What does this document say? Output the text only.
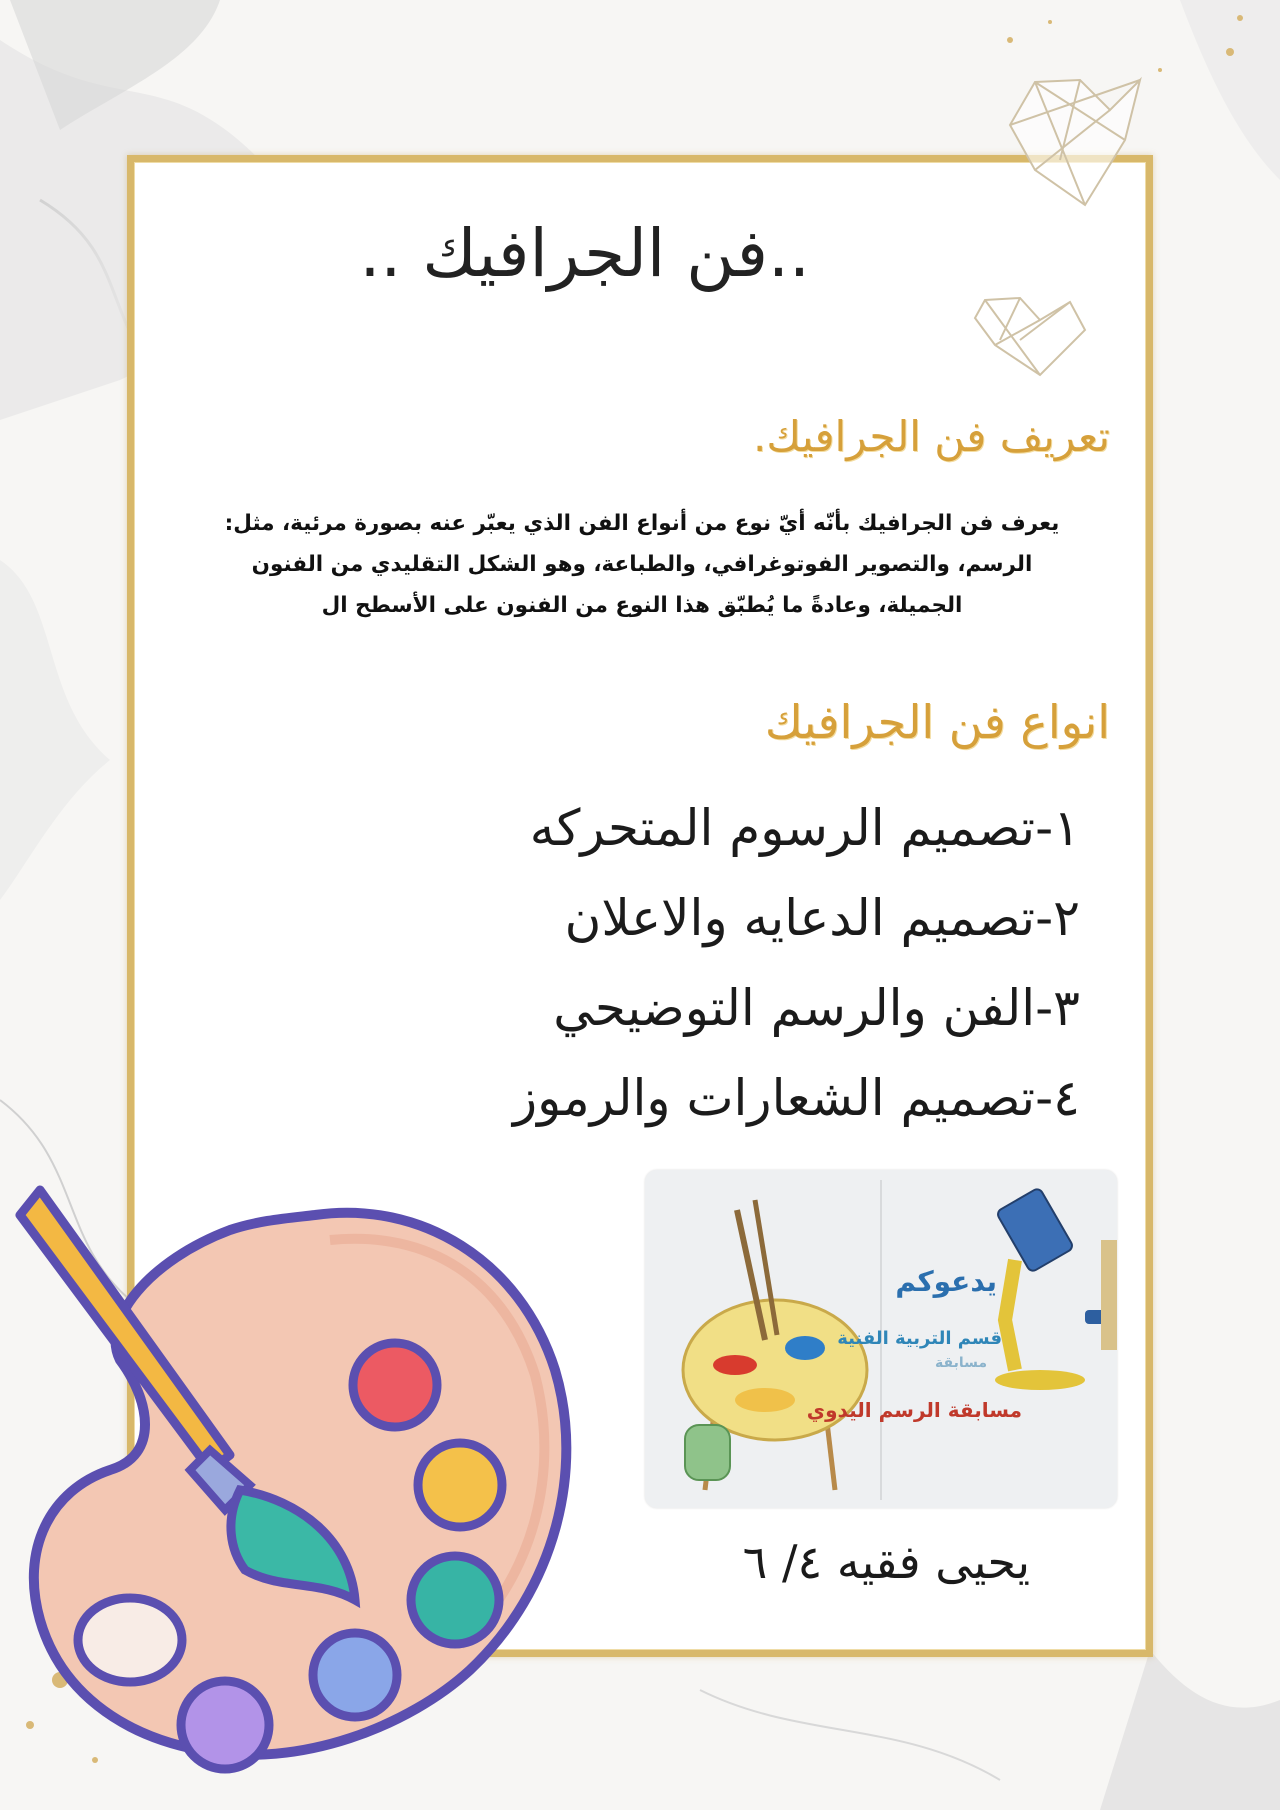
..فن الجرافيك ..
تعريف فن الجرافيك.
يعرف فن الجرافيك بأنّه أيّ نوع من أنواع الفن الذي يعبّر عنه بصورة مرئية، مثل:
الرسم، والتصوير الفوتوغرافي، والطباعة، وهو الشكل التقليدي من الفنون
الجميلة، وعادةً ما يُطبّق هذا النوع من الفنون على الأسطح ال
انواع فن الجرافيك
١-تصميم الرسوم المتحركه
٢-تصميم الدعايه والاعلان
٣-الفن والرسم التوضيحي
٤-تصميم الشعارات والرموز
يدعوكم
قسم التربية الفنية
مسابقة
مسابقة الرسم اليدوي
يحيى فقيه ٤/ ٦
